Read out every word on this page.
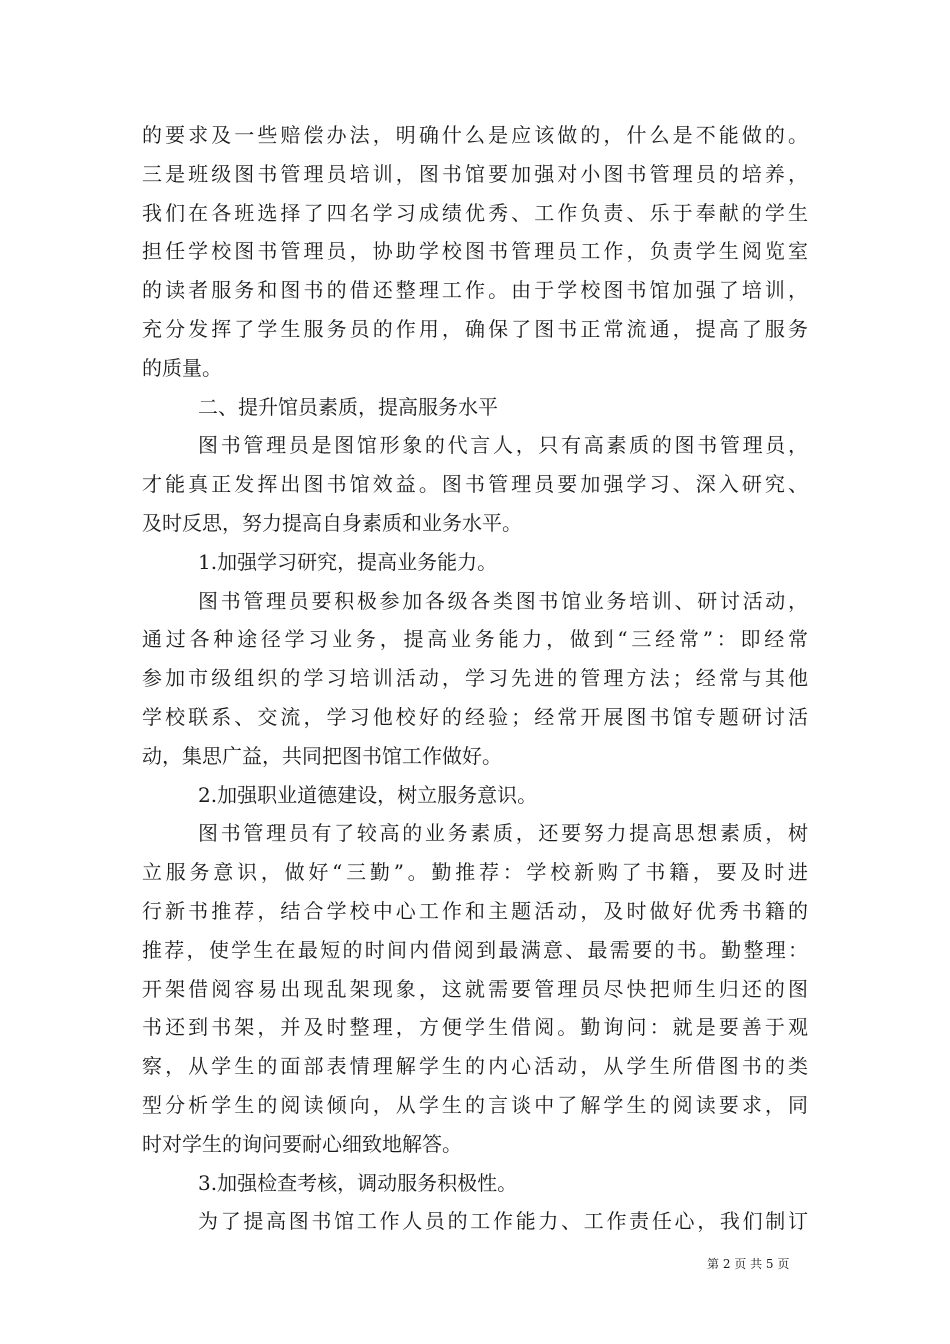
的要求及一些赔偿办法，明确什么是应该做的，什么是不能做的。
三是班级图书管理员培训，图书馆要加强对小图书管理员的培养，
我们在各班选择了四名学习成绩优秀、工作负责、乐于奉献的学生
担任学校图书管理员，协助学校图书管理员工作，负责学生阅览室
的读者服务和图书的借还整理工作。由于学校图书馆加强了培训，
充分发挥了学生服务员的作用，确保了图书正常流通，提高了服务
的质量。
二、提升馆员素质，提高服务水平
图书管理员是图馆形象的代言人，只有高素质的图书管理员，
才能真正发挥出图书馆效益。图书管理员要加强学习、深入研究、
及时反思，努力提高自身素质和业务水平。
1.加强学习研究，提高业务能力。
图书管理员要积极参加各级各类图书馆业务培训、研讨活动，
通过各种途径学习业务，提高业务能力，做到“三经常”：即经常
参加市级组织的学习培训活动，学习先进的管理方法；经常与其他
学校联系、交流，学习他校好的经验；经常开展图书馆专题研讨活
动，集思广益，共同把图书馆工作做好。
2.加强职业道德建设，树立服务意识。
图书管理员有了较高的业务素质，还要努力提高思想素质，树
立服务意识，做好“三勤”。勤推荐：学校新购了书籍，要及时进
行新书推荐，结合学校中心工作和主题活动，及时做好优秀书籍的
推荐，使学生在最短的时间内借阅到最满意、最需要的书。勤整理：
开架借阅容易出现乱架现象，这就需要管理员尽快把师生归还的图
书还到书架，并及时整理，方便学生借阅。勤询问：就是要善于观
察，从学生的面部表情理解学生的内心活动，从学生所借图书的类
型分析学生的阅读倾向，从学生的言谈中了解学生的阅读要求，同
时对学生的询问要耐心细致地解答。
3.加强检查考核，调动服务积极性。
为了提高图书馆工作人员的工作能力、工作责任心，我们制订
第 2 页 共 5 页
